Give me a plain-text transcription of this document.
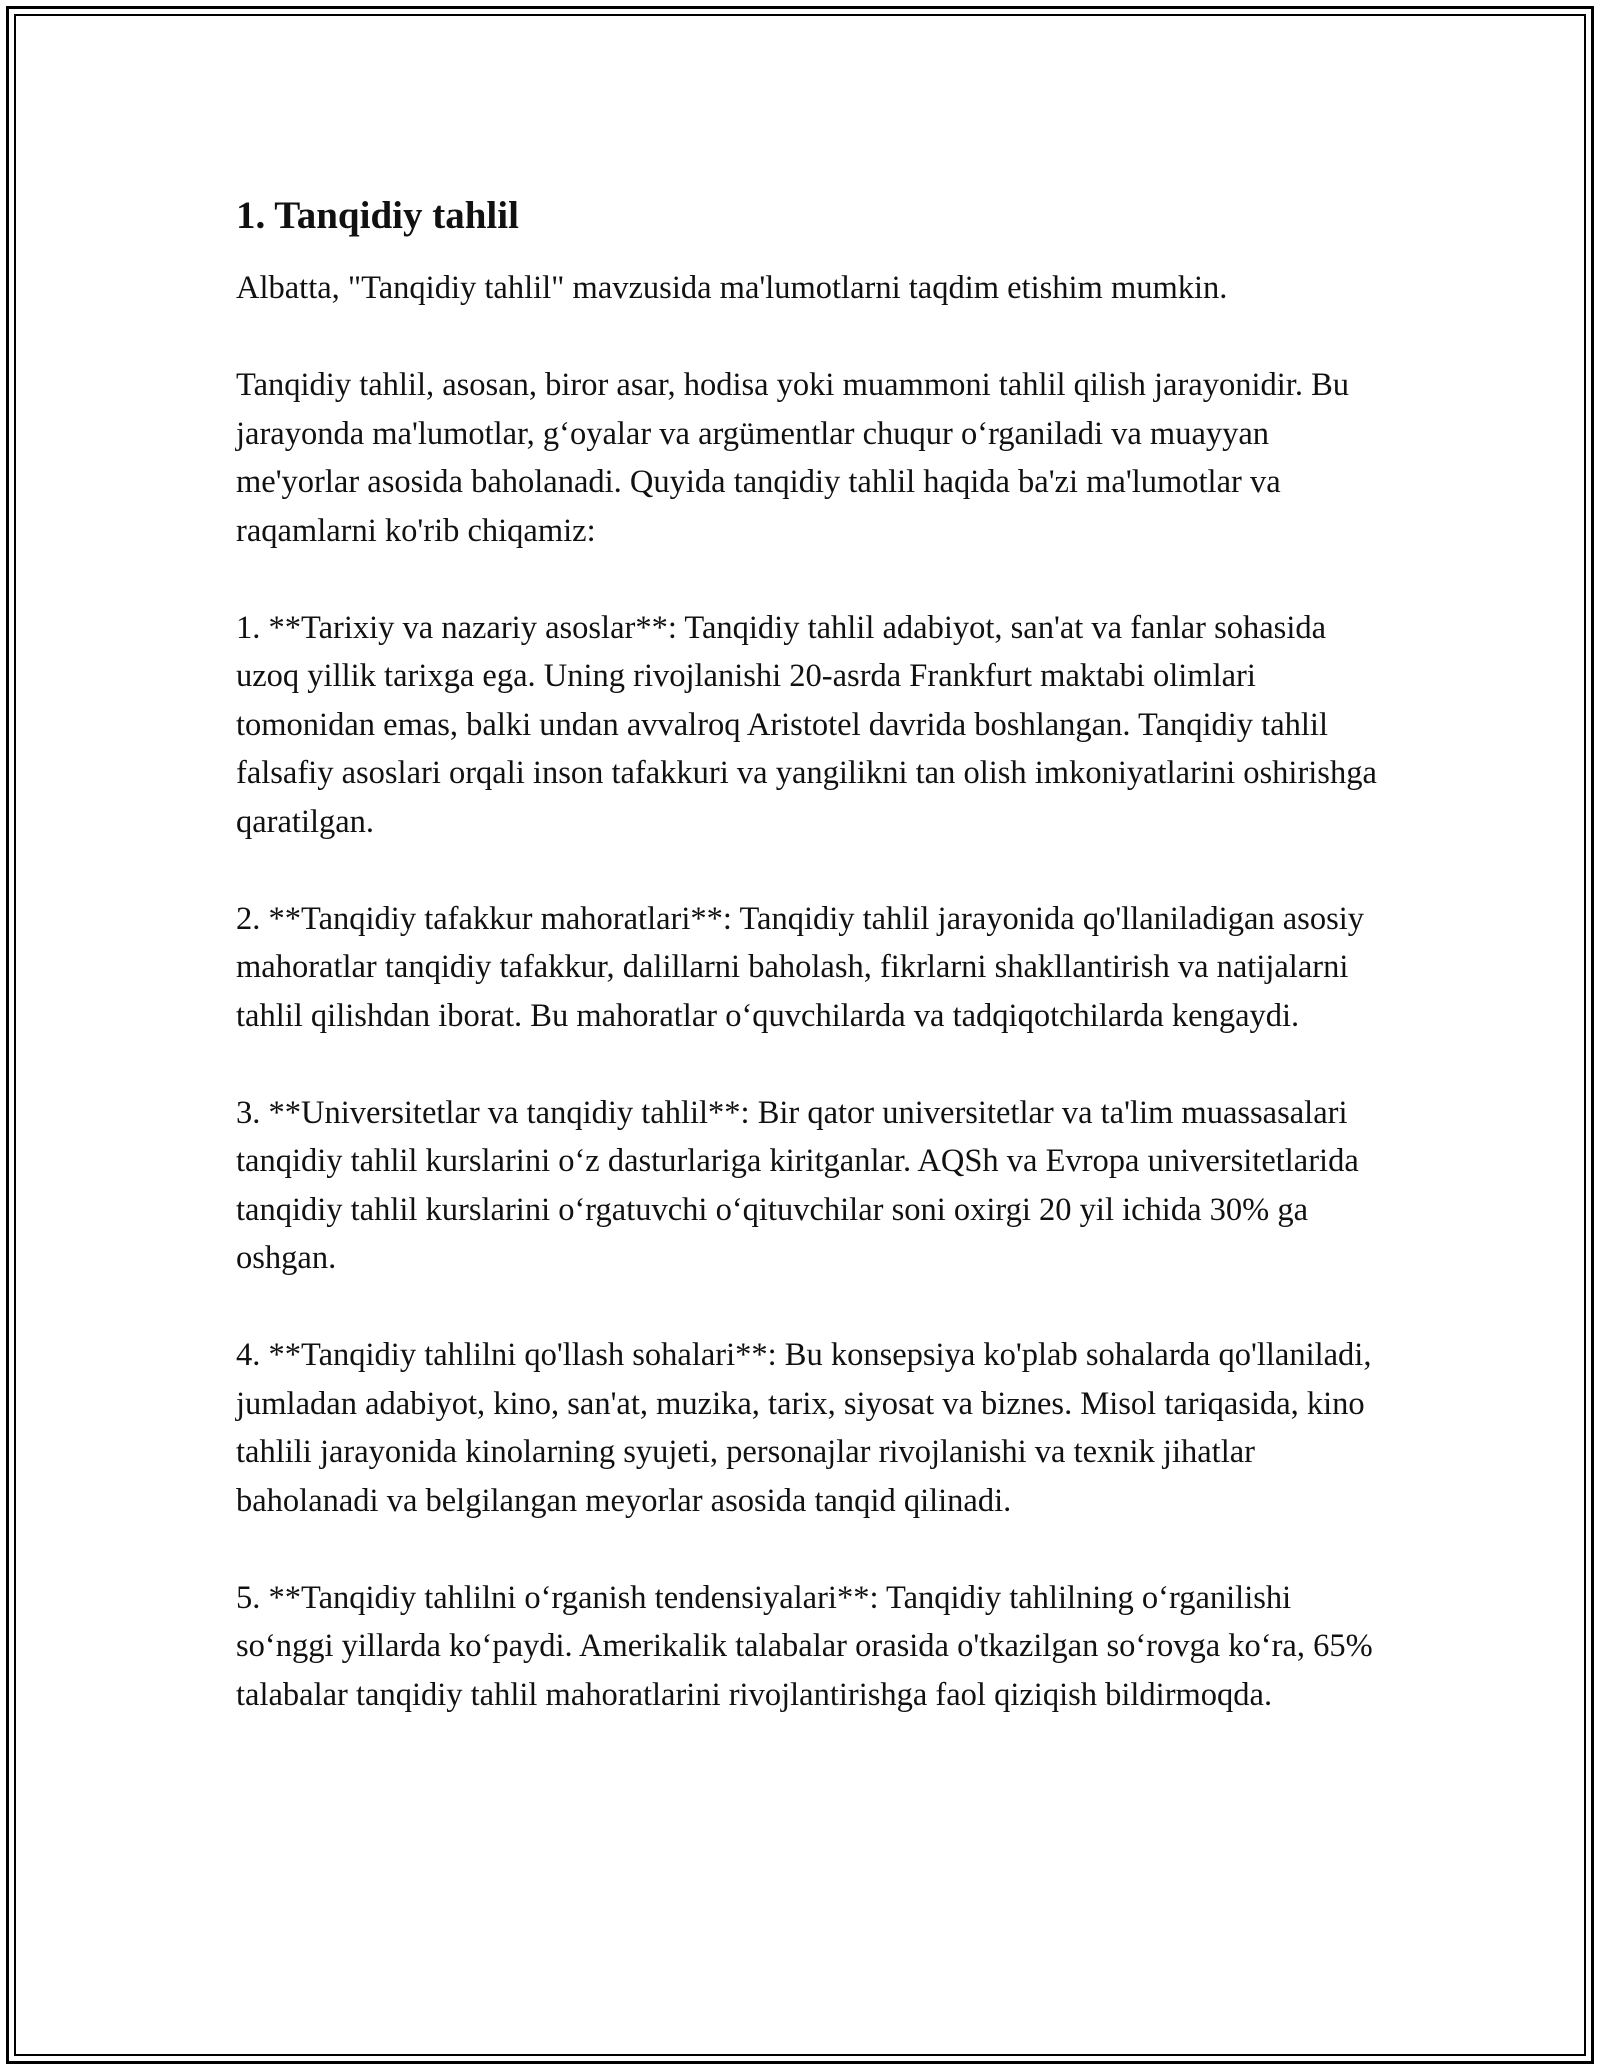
1. Tanqidiy tahlil

Albatta, "Tanqidiy tahlil" mavzusida ma'lumotlarni taqdim etishim mumkin.

Tanqidiy tahlil, asosan, biror asar, hodisa yoki muammoni tahlil qilish jarayonidir. Bu jarayonda ma'lumotlar, g‘oyalar va argümentlar chuqur o‘rganiladi va muayyan me'yorlar asosida baholanadi. Quyida tanqidiy tahlil haqida ba'zi ma'lumotlar va raqamlarni ko'rib chiqamiz:

1. **Tarixiy va nazariy asoslar**: Tanqidiy tahlil adabiyot, san'at va fanlar sohasida uzoq yillik tarixga ega. Uning rivojlanishi 20-asrda Frankfurt maktabi olimlari tomonidan emas, balki undan avvalroq Aristotel davrida boshlangan. Tanqidiy tahlil falsafiy asoslari orqali inson tafakkuri va yangilikni tan olish imkoniyatlarini oshirishga qaratilgan.

2. **Tanqidiy tafakkur mahoratlari**: Tanqidiy tahlil jarayonida qo'llaniladigan asosiy mahoratlar tanqidiy tafakkur, dalillarni baholash, fikrlarni shakllantirish va natijalarni tahlil qilishdan iborat. Bu mahoratlar o‘quvchilarda va tadqiqotchilarda kengaydi.

3. **Universitetlar va tanqidiy tahlil**: Bir qator universitetlar va ta'lim muassasalari tanqidiy tahlil kurslarini o‘z dasturlariga kiritganlar. AQSh va Evropa universitetlarida tanqidiy tahlil kurslarini o‘rgatuvchi o‘qituvchilar soni oxirgi 20 yil ichida 30% ga oshgan.

4. **Tanqidiy tahlilni qo'llash sohalari**: Bu konsepsiya ko'plab sohalarda qo'llaniladi, jumladan adabiyot, kino, san'at, muzika, tarix, siyosat va biznes. Misol tariqasida, kino tahlili jarayonida kinolarning syujeti, personajlar rivojlanishi va texnik jihatlar baholanadi va belgilangan meyorlar asosida tanqid qilinadi.

5. **Tanqidiy tahlilni o‘rganish tendensiyalari**: Tanqidiy tahlilning o‘rganilishi so‘nggi yillarda ko‘paydi. Amerikalik talabalar orasida o'tkazilgan so‘rovga ko‘ra, 65% talabalar tanqidiy tahlil mahoratlarini rivojlantirishga faol qiziqish bildirmoqda.
